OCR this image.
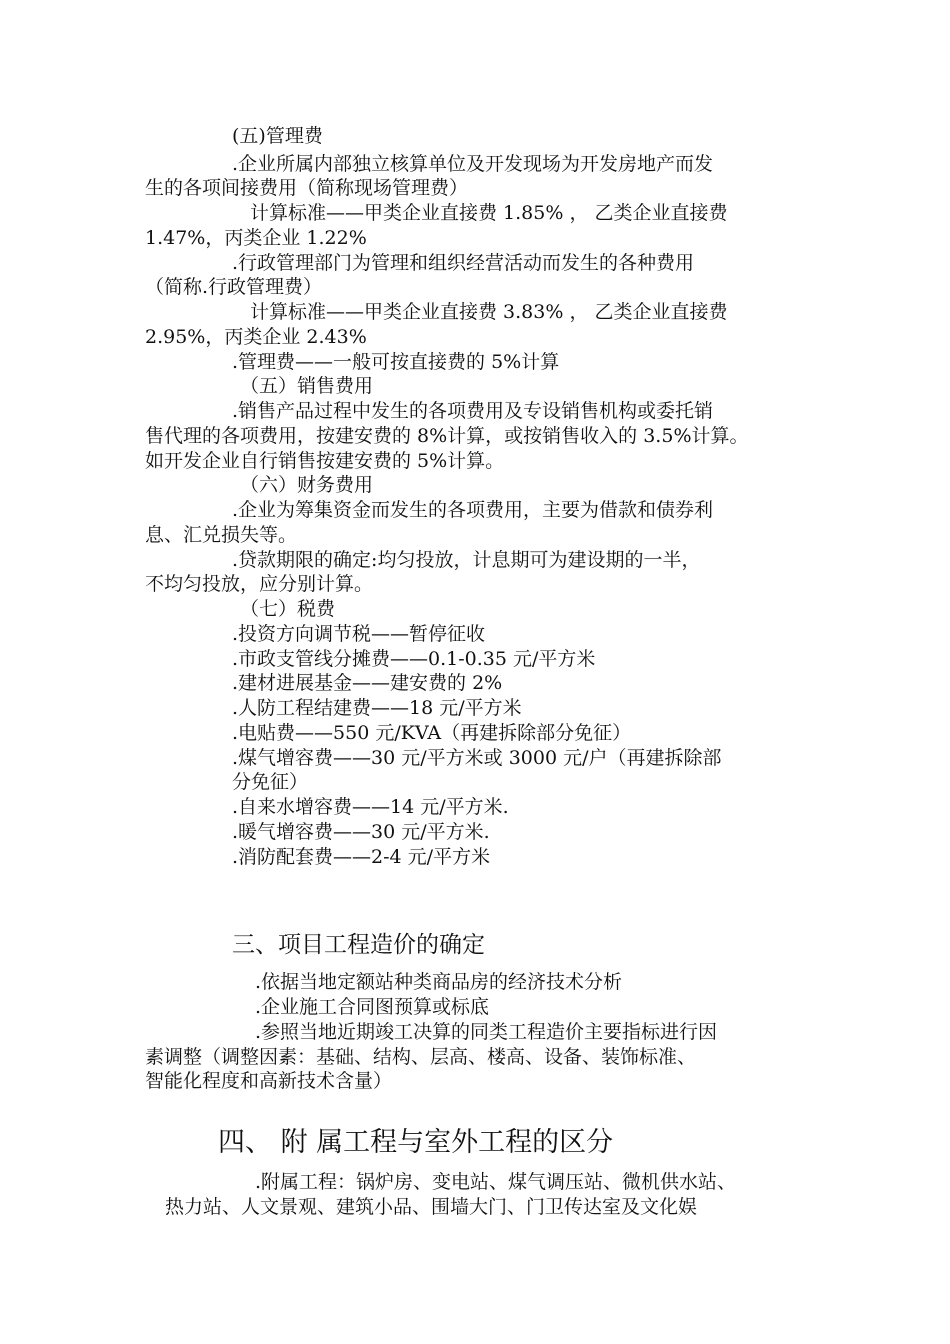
(五)管理费
.企业所属内部独立核算单位及开发现场为开发房地产而发
生的各项间接费用（简称现场管理费）
计算标准——甲类企业直接费 1.85% ， 乙类企业直接费
1.47%，丙类企业 1.22%
.行政管理部门为管理和组织经营活动而发生的各种费用
（简称.行政管理费）
计算标准——甲类企业直接费 3.83% ， 乙类企业直接费
2.95%，丙类企业 2.43%
.管理费——一般可按直接费的 5%计算
（五）销售费用
.销售产品过程中发生的各项费用及专设销售机构或委托销
售代理的各项费用，按建安费的 8%计算，或按销售收入的 3.5%计算。
如开发企业自行销售按建安费的 5%计算。
（六）财务费用
.企业为筹集资金而发生的各项费用，主要为借款和债券利
息、汇兑损失等。
.贷款期限的确定:均匀投放，计息期可为建设期的一半，
不均匀投放，应分别计算。
（七）税费
.投资方向调节税——暂停征收
.市政支管线分摊费——0.1-0.35 元/平方米
.建材进展基金——建安费的 2%
.人防工程结建费——18 元/平方米
.电贴费——550 元/KVA（再建拆除部分免征）
.煤气增容费——30 元/平方米或 3000 元/户（再建拆除部
分免征）
.自来水增容费——14 元/平方米.
.暖气增容费——30 元/平方米.
.消防配套费——2-4 元/平方米
三、项目工程造价的确定
.依据当地定额站种类商品房的经济技术分析
.企业施工合同图预算或标底
.参照当地近期竣工决算的同类工程造价主要指标进行因
素调整（调整因素：基础、结构、层高、楼高、设备、装饰标准、
智能化程度和高新技术含量）
四、 附 属工程与室外工程的区分
.附属工程：锅炉房、变电站、煤气调压站、微机供水站、
热力站、人文景观、建筑小品、围墙大门、门卫传达室及文化娱
